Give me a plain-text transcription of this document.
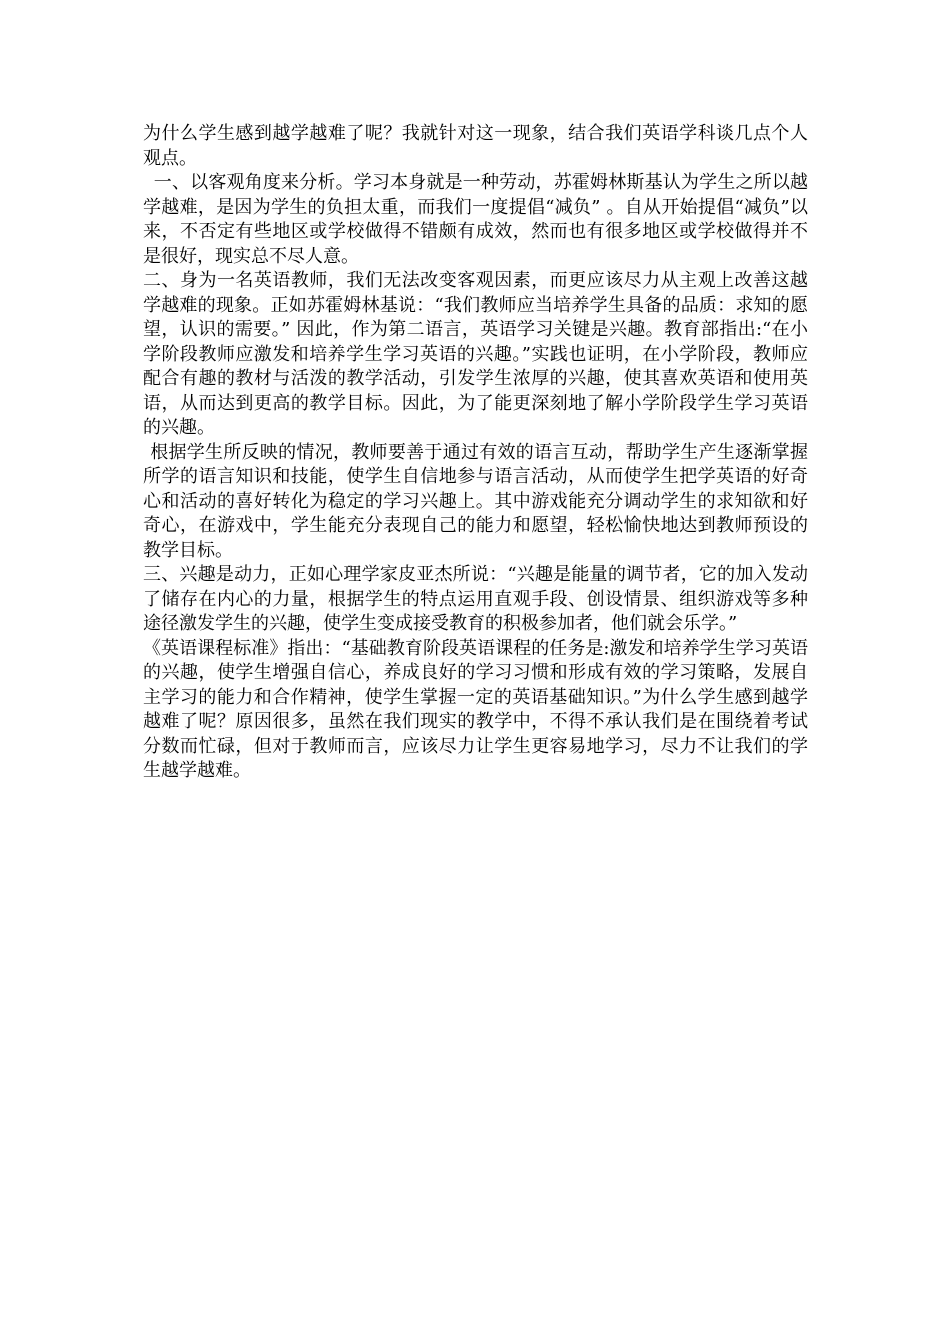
为什么学生感到越学越难了呢？我就针对这一现象，结合我们英语学科谈几点个人观点。

一、以客观角度来分析。学习本身就是一种劳动，苏霍姆林斯基认为学生之所以越学越难，是因为学生的负担太重，而我们一度提倡“减负” 。自从开始提倡“减负”以来，不否定有些地区或学校做得不错颇有成效，然而也有很多地区或学校做得并不是很好，现实总不尽人意。

二、身为一名英语教师，我们无法改变客观因素，而更应该尽力从主观上改善这越学越难的现象。正如苏霍姆林基说：“我们教师应当培养学生具备的品质：求知的愿望，认识的需要。” 因此，作为第二语言，英语学习关键是兴趣。教育部指出:“在小学阶段教师应激发和培养学生学习英语的兴趣。”实践也证明，在小学阶段，教师应配合有趣的教材与活泼的教学活动，引发学生浓厚的兴趣，使其喜欢英语和使用英语，从而达到更高的教学目标。因此，为了能更深刻地了解小学阶段学生学习英语的兴趣。

根据学生所反映的情况，教师要善于通过有效的语言互动，帮助学生产生逐渐掌握所学的语言知识和技能，使学生自信地参与语言活动，从而使学生把学英语的好奇心和活动的喜好转化为稳定的学习兴趣上。其中游戏能充分调动学生的求知欲和好奇心，在游戏中，学生能充分表现自己的能力和愿望，轻松愉快地达到教师预设的教学目标。

三、兴趣是动力，正如心理学家皮亚杰所说：“兴趣是能量的调节者，它的加入发动了储存在内心的力量，根据学生的特点运用直观手段、创设情景、组织游戏等多种途径激发学生的兴趣，使学生变成接受教育的积极参加者，他们就会乐学。”

《英语课程标准》指出：“基础教育阶段英语课程的任务是:激发和培养学生学习英语的兴趣，使学生增强自信心，养成良好的学习习惯和形成有效的学习策略，发展自主学习的能力和合作精神，使学生掌握一定的英语基础知识。”为什么学生感到越学越难了呢？原因很多，虽然在我们现实的教学中，不得不承认我们是在围绕着考试分数而忙碌，但对于教师而言，应该尽力让学生更容易地学习，尽力不让我们的学生越学越难。
